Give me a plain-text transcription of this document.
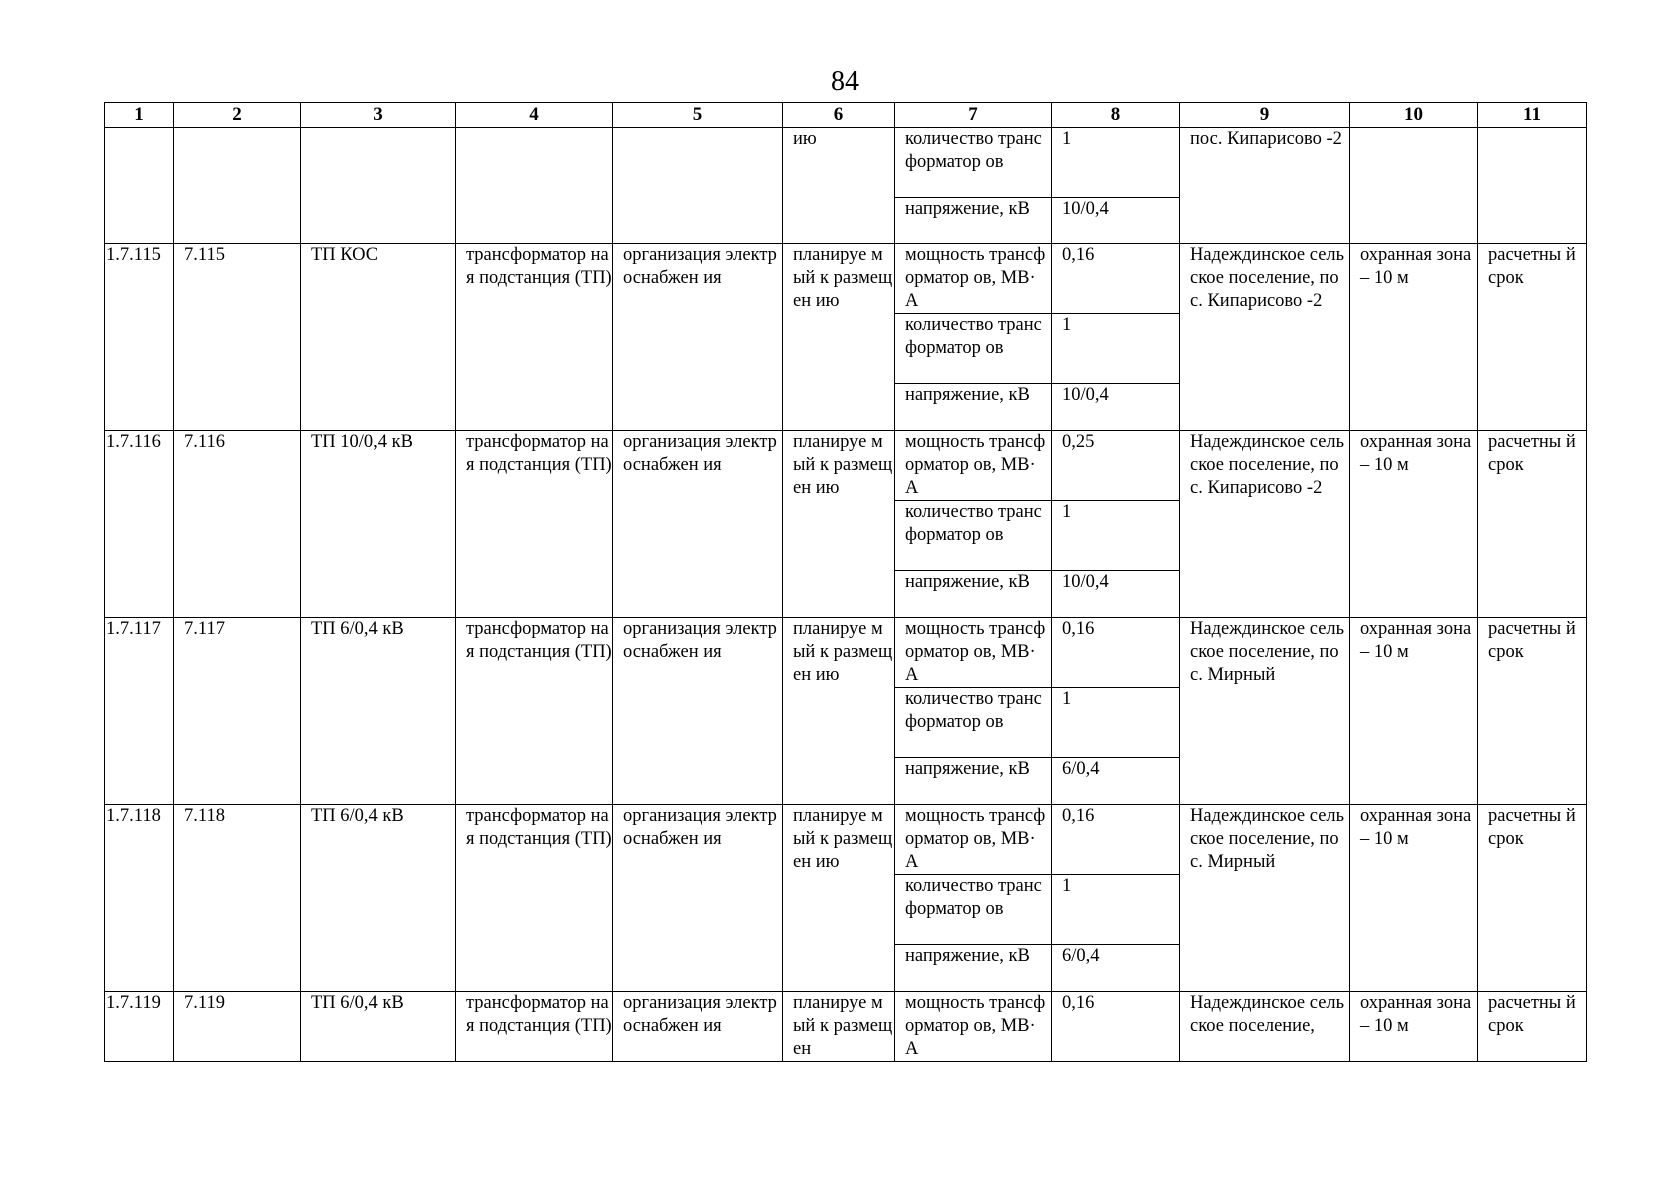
84
1	2	3	4	5	6	7	8	9	10	11
					ию	количество трансформатор ов	1	пос. Кипарисово -2		
						напряжение, кВ	10/0,4			
1.7.115	7.115	ТП КОС	трансформатор ная подстанция (ТП)	организация электроснабжен ия	планируе мый к размещен ию	мощность трансформатор ов, МВ·А	0,16	Надеждинское сельское поселение, пос. Кипарисово -2	охранная зона – 10 м	расчетны й срок
						количество трансформатор ов	1			
						напряжение, кВ	10/0,4			
1.7.116	7.116	ТП 10/0,4 кВ	трансформатор ная подстанция (ТП)	организация электроснабжен ия	планируе мый к размещен ию	мощность трансформатор ов, МВ·А	0,25	Надеждинское сельское поселение, пос. Кипарисово -2	охранная зона – 10 м	расчетны й срок
						количество трансформатор ов	1			
						напряжение, кВ	10/0,4			
1.7.117	7.117	ТП 6/0,4 кВ	трансформатор ная подстанция (ТП)	организация электроснабжен ия	планируе мый к размещен ию	мощность трансформатор ов, МВ·А	0,16	Надеждинское сельское поселение, пос. Мирный	охранная зона – 10 м	расчетны й срок
						количество трансформатор ов	1			
						напряжение, кВ	6/0,4			
1.7.118	7.118	ТП 6/0,4 кВ	трансформатор ная подстанция (ТП)	организация электроснабжен ия	планируе мый к размещен ию	мощность трансформатор ов, МВ·А	0,16	Надеждинское сельское поселение, пос. Мирный	охранная зона – 10 м	расчетны й срок
						количество трансформатор ов	1			
						напряжение, кВ	6/0,4			
1.7.119	7.119	ТП 6/0,4 кВ	трансформатор ная подстанция (ТП)	организация электроснабжен ия	планируе мый к размещен	мощность трансформатор ов, МВ·А	0,16	Надеждинское сельское поселение,	охранная зона – 10 м	расчетны й срок
